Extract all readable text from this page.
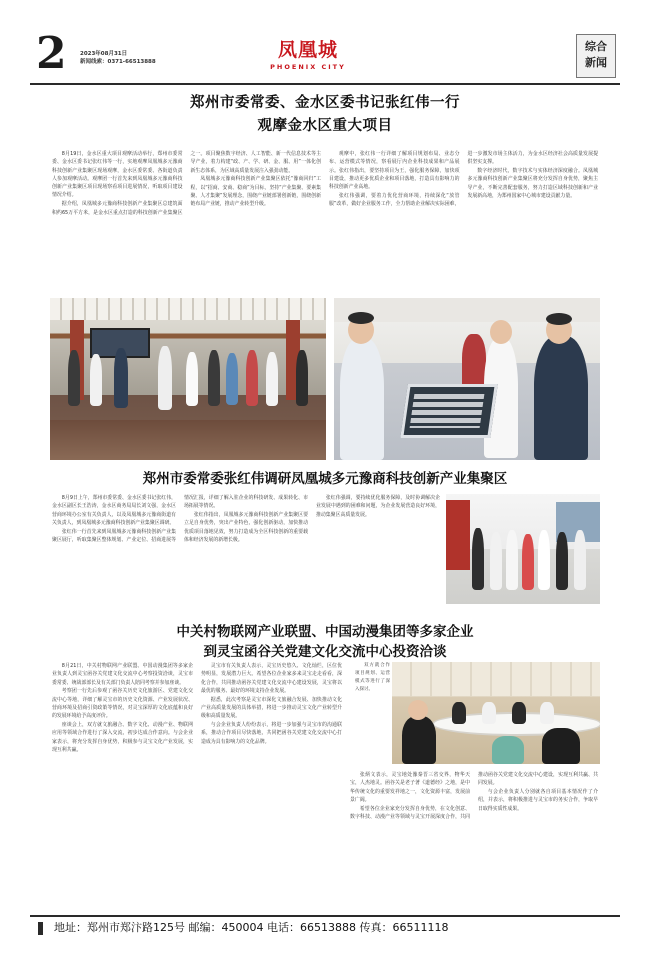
2 2023年08月31日
新闻线索：0371-66513888
凤凰城
PHOENIX CITY
综合
新闻
郑州市委常委、金水区委书记张红伟一行
观摩金水区重大项目

8月19日，金水区重大项目观摩活动举行，郑州市委常委、金水区委书记张红伟等一行，实地观摩凤凰城多元豫商科技创新产业集聚区现场观摩，金水区委常委、各街道负责人参加观摩活动。观摩团一行首先来到凤凰城多元豫商科技创新产业集聚区项目现场察看项目进展情况，听取项目建设情况介绍。

据介绍，凤凰城多元豫商科技创新产业集聚区总建筑面积约65万平方米，是金水区重点打造的科技创新产业集聚区之一。项目聚焦数字经济、人工智能、新一代信息技术等主导产业，着力构建“政、产、学、研、金、服、用”一体化创新生态体系，为区域高质量发展注入强劲动能。

凤凰城多元豫商科技创新产业集聚区依托“豫商回归”工程，以“招商、安商、稳商”为目标，坚持“产业集聚、要素集聚、人才集聚”发展理念，围绕产业链部署创新链，围绕创新链布局产业链，推动产业转型升级。

观摩中，张红伟一行详细了解项目规划布局、业态分布、运营模式等情况，察看展厅内企业科技成果和产品展示。张红伟指出，要坚持项目为王，强化服务保障，加快项目建设，推动更多优质企业和项目落地，打造具有影响力的科技创新产业高地。

张红伟强调，要着力优化营商环境，持续深化“放管服”改革，做好企业服务工作，全力帮助企业解决实际困难，进一步激发市场主体活力，为金水区经济社会高质量发展提供坚实支撑。

数字经济时代，数字技术与实体经济深度融合。凤凰城多元豫商科技创新产业集聚区将充分发挥自身优势，聚焦主导产业，不断完善配套服务，努力打造区域科技创新和产业发展新高地，为郑州国家中心城市建设贡献力量。

郑州市委常委张红伟调研凤凰城多元豫商科技创新产业集聚区

8月9日上午，郑州市委常委、金水区委书记张红伟，金水区副区长王浩涛，金水区商务局局长刘文强，金水区营商环境办公室有关负责人，以及凤凰城多元豫商街道有关负责人，到凤凰城多元豫商科技创新产业集聚区调研。

张红伟一行首先来到凤凰城多元豫商科技创新产业集聚区展厅，听取集聚区整体规划、产业定位、招商进展等情况汇报，详细了解入驻企业的科技研发、成果转化、市场拓展等情况。

张红伟指出，凤凰城多元豫商科技创新产业集聚区要立足自身优势，突出产业特色，强化创新驱动，加快推动优质项目落地见效，努力打造成为全区科技创新的重要载体和经济发展的新增长极。

张红伟强调，要持续优化服务保障，及时协调解决企业发展中遇到的困难和问题，为企业发展营造良好环境，推动集聚区高质量发展。

中关村物联网产业联盟、中国动漫集团等多家企业
到灵宝函谷关党建文化交流中心投资洽谈

8月21日，中关村物联网产业联盟、中国动漫集团等多家企业负责人到灵宝函谷关党建文化交流中心考察投资洽谈，灵宝市委常委、统战部部长及有关部门负责人陪同考察并参加座谈。

考察团一行先后参观了函谷关历史文化旅游区、党建文化交流中心等地，详细了解灵宝市的历史文化资源、产业发展状况、营商环境及招商引资政策等情况，对灵宝深厚的文化底蕴和良好的发展环境给予高度评价。

座谈会上，双方就文旅融合、数字文化、动漫产业、物联网应用等领域合作进行了深入交流，初步达成合作意向。与会企业家表示，将充分发挥自身优势，积极参与灵宝文化产业发展，实现互利共赢。

灵宝市有关负责人表示，灵宝历史悠久、文化灿烂，区位优势明显，发展潜力巨大。希望各位企业家多来灵宝走走看看，深化合作，共同推动函谷关党建文化交流中心建设发展，灵宝将以最优的服务、最好的环境支持企业发展。

据悉，此次考察是灵宝市深化文旅融合发展、加快推动文化产业高质量发展的具体举措，将进一步推动灵宝文化产业转型升级和高质量发展。

与会企业负责人纷纷表示，将进一步加强与灵宝市的沟通联系，推动合作项目尽快落地，共同把函谷关党建文化交流中心打造成为具有影响力的文化品牌。

双方就合作项目规划、运营模式等进行了深入探讨。

张炳文表示，灵宝地处豫秦晋三省交界，物华天宝，人杰地灵。函谷关是老子著《道德经》之地，是中华传统文化的重要发祥地之一，文化资源丰富，发展前景广阔。

希望各位企业家充分发挥自身优势，在文化创意、数字科技、动漫产业等领域与灵宝开展深度合作，共同推动函谷关党建文化交流中心建设，实现互利共赢、共同发展。

与会企业负责人分别就各自项目基本情况作了介绍，并表示，将积极推进与灵宝市的务实合作，争取早日取得实质性成果。

地址：郑州市郑汴路125号 邮编：450004 电话：66513888 传真：66511118
